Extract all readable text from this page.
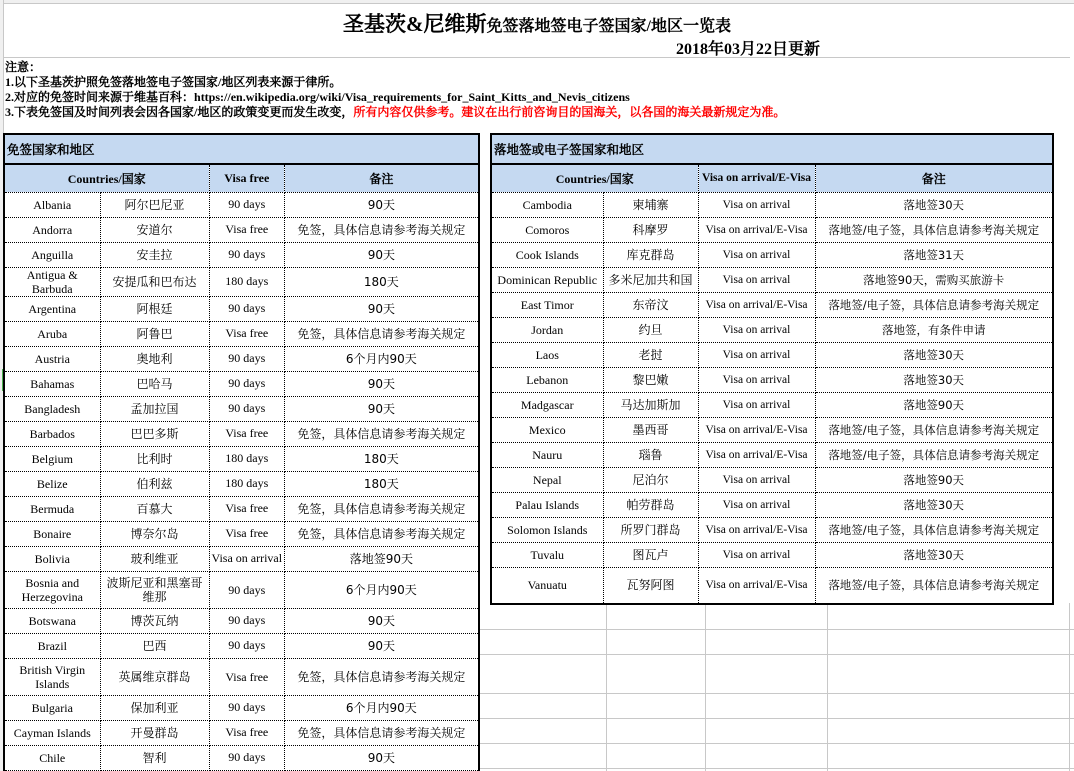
圣基茨&尼维斯免签落地签电子签国家/地区一览表
2018年03月22日更新
注意：
1.以下圣基茨护照免签落地签电子签国家/地区列表来源于律所。
2.对应的免签时间来源于维基百科：https://en.wikipedia.org/wiki/Visa_requirements_for_Saint_Kitts_and_Nevis_citizens
3.下表免签国及时间列表会因各国家/地区的政策变更而发生改变，所有内容仅供参考。建议在出行前咨询目的国海关，以各国的海关最新规定为准。
免签国家和地区			
Countries/国家		Visa free	备注
Albania	阿尔巴尼亚	90 days	90天
Andorra	安道尔	Visa free	免签，具体信息请参考海关规定
Anguilla	安圭拉	90 days	90天
Antigua & Barbuda	安提瓜和巴布达	180 days	180天
Argentina	阿根廷	90 days	90天
Aruba	阿鲁巴	Visa free	免签，具体信息请参考海关规定
Austria	奥地利	90 days	6个月内90天
Bahamas	巴哈马	90 days	90天
Bangladesh	孟加拉国	90 days	90天
Barbados	巴巴多斯	Visa free	免签，具体信息请参考海关规定
Belgium	比利时	180 days	180天
Belize	伯利兹	180 days	180天
Bermuda	百慕大	Visa free	免签，具体信息请参考海关规定
Bonaire	博奈尔岛	Visa free	免签，具体信息请参考海关规定
Bolivia	玻利维亚	Visa on arrival	落地签90天
Bosnia and Herzegovina	波斯尼亚和黑塞哥维那	90 days	6个月内90天
Botswana	博茨瓦纳	90 days	90天
Brazil	巴西	90 days	90天
British Virgin Islands	英属维京群岛	Visa free	免签，具体信息请参考海关规定
Bulgaria	保加利亚	90 days	6个月内90天
Cayman Islands	开曼群岛	Visa free	免签，具体信息请参考海关规定
Chile	智利	90 days	90天
落地签或电子签国家和地区			
Countries/国家		Visa on arrival/E-Visa	备注
Cambodia	柬埔寨	Visa on arrival	落地签30天
Comoros	科摩罗	Visa on arrival/E-Visa	落地签/电子签，具体信息请参考海关规定
Cook Islands	库克群岛	Visa on arrival	落地签31天
Dominican Republic	多米尼加共和国	Visa on arrival	落地签90天，需购买旅游卡
East Timor	东帝汶	Visa on arrival/E-Visa	落地签/电子签，具体信息请参考海关规定
Jordan	约旦	Visa on arrival	落地签，有条件申请
Laos	老挝	Visa on arrival	落地签30天
Lebanon	黎巴嫩	Visa on arrival	落地签30天
Madgascar	马达加斯加	Visa on arrival	落地签90天
Mexico	墨西哥	Visa on arrival/E-Visa	落地签/电子签，具体信息请参考海关规定
Nauru	瑙鲁	Visa on arrival/E-Visa	落地签/电子签，具体信息请参考海关规定
Nepal	尼泊尔	Visa on arrival	落地签90天
Palau Islands	帕劳群岛	Visa on arrival	落地签30天
Solomon Islands	所罗门群岛	Visa on arrival/E-Visa	落地签/电子签，具体信息请参考海关规定
Tuvalu	图瓦卢	Visa on arrival	落地签30天
Vanuatu	瓦努阿图	Visa on arrival/E-Visa	落地签/电子签，具体信息请参考海关规定
